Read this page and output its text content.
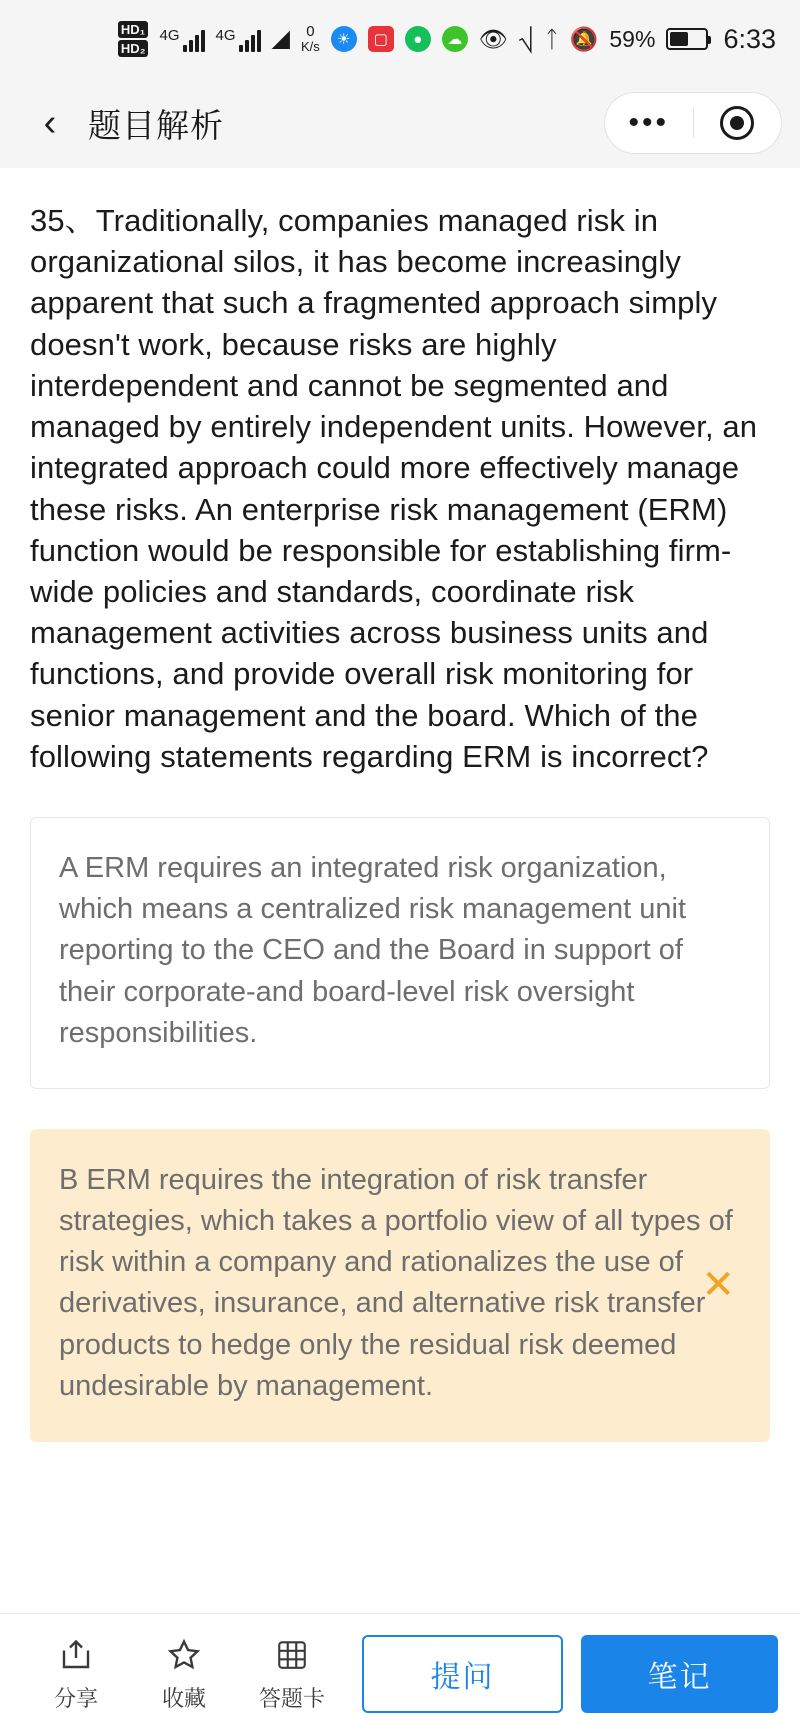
HD₁
HD₂
4G 4G ◢ 0
K/s	☀	▢	●	☁ 👁 ⎷ ᛏ 🔕 59%	6:33
‹ 题目解析	•••
35、Traditionally, companies managed risk in organizational silos, it has become increasingly apparent that such a fragmented approach simply doesn't work, because risks are highly interdependent and cannot be segmented and managed by entirely independent units. However, an integrated approach could more effectively manage these risks. An enterprise risk management (ERM) function would be responsible for establishing firm-wide policies and standards, coordinate risk management activities across business units and functions, and provide overall risk monitoring for senior management and the board. Which of the following statements regarding ERM is incorrect?
A ERM requires an integrated risk organization, which means a centralized risk management unit reporting to the CEO and the Board in support of their corporate-and board-level risk oversight responsibilities.
B ERM requires the integration of risk transfer strategies, which takes a portfolio view of all types of risk within a company and rationalizes the use of derivatives, insurance, and alternative risk transfer products to hedge only the residual risk deemed undesirable by management.
✕
分享	收藏 答题卡
提问	笔记
